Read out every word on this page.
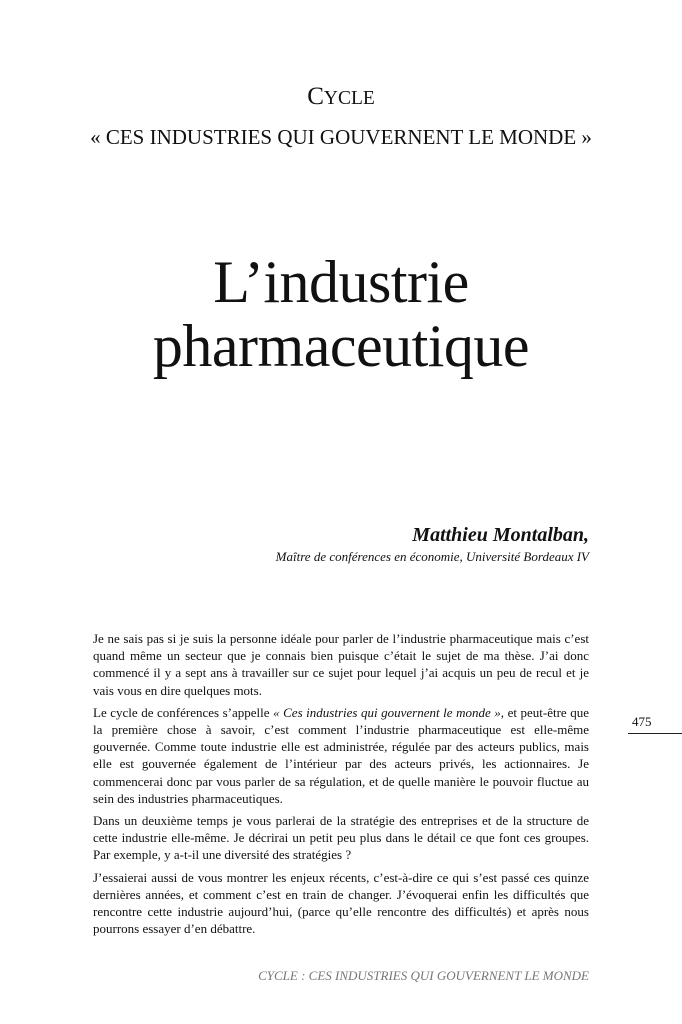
CYCLE
« CES INDUSTRIES QUI GOUVERNENT LE MONDE »
L’industrie
pharmaceutique
Matthieu Montalban,
Maître de conférences en économie, Université Bordeaux IV

Je ne sais pas si je suis la personne idéale pour parler de l’industrie pharmaceutique mais c’est quand même un secteur que je connais bien puisque c’était le sujet de ma thèse. J’ai donc commencé il y a sept ans à travailler sur ce sujet pour lequel j’ai acquis un peu de recul et je vais vous en dire quelques mots.

Le cycle de conférences s’appelle « Ces industries qui gouvernent le monde », et peut-être que la première chose à savoir, c’est comment l’industrie pharmaceutique est elle-même gouvernée. Comme toute industrie elle est administrée, régulée par des acteurs publics, mais elle est gouvernée également de l’intérieur par des acteurs privés, les actionnaires. Je commencerai donc par vous parler de sa régulation, et de quelle manière le pouvoir fluctue au sein des industries pharmaceutiques.

Dans un deuxième temps je vous parlerai de la stratégie des entreprises et de la structure de cette industrie elle-même. Je décrirai un petit peu plus dans le détail ce que font ces groupes. Par exemple, y a-t-il une diversité des stratégies ?

J’essaierai aussi de vous montrer les enjeux récents, c’est-à-dire ce qui s’est passé ces quinze dernières années, et comment c’est en train de changer. J’évoquerai enfin les difficultés que rencontre cette industrie aujourd’hui, (parce qu’elle rencontre des difficultés) et après nous pourrons essayer d’en débattre.

475
CYCLE : CES INDUSTRIES QUI GOUVERNENT LE MONDE
